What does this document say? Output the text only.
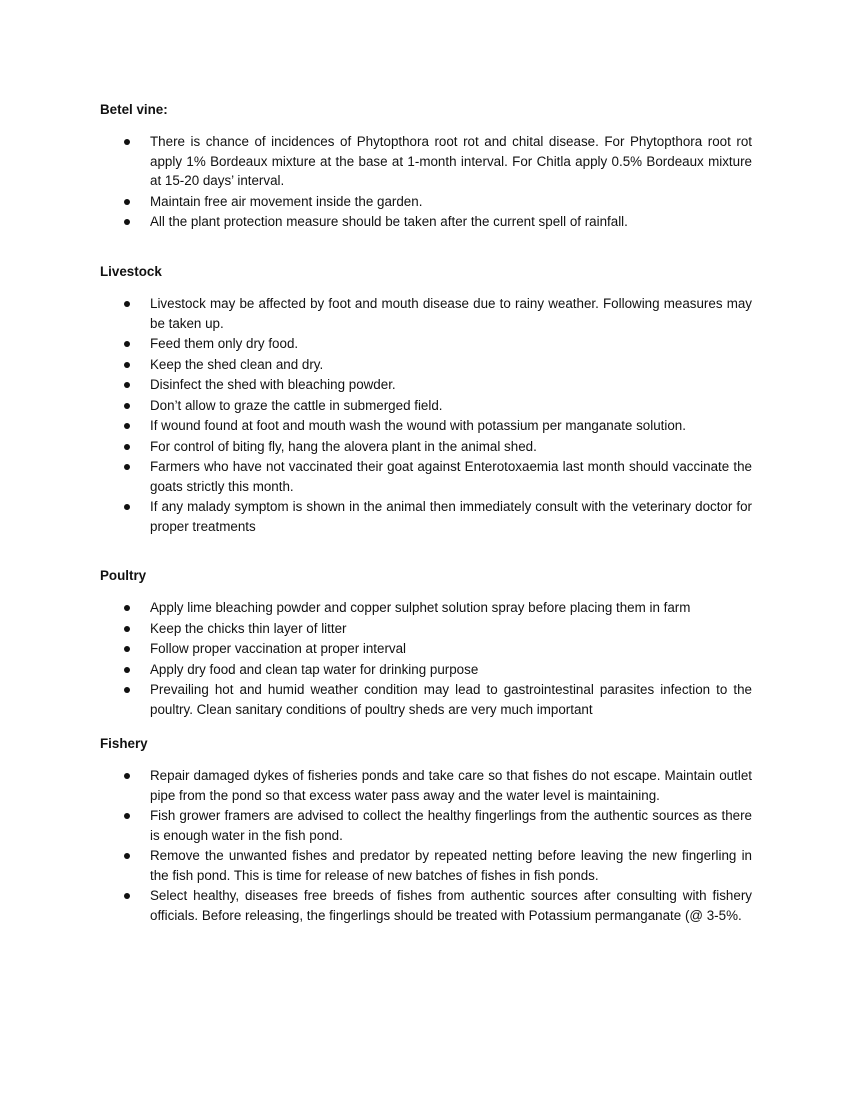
Betel vine:

There is chance of incidences of Phytopthora root rot and chital disease. For Phytopthora root rot apply 1% Bordeaux mixture at the base at 1-month interval. For Chitla apply 0.5% Bordeaux mixture at 15-20 days’ interval.
Maintain free air movement inside the garden.
All the plant protection measure should be taken after the current spell of rainfall.

Livestock

Livestock may be affected by foot and mouth disease due to rainy weather. Following measures may be taken up.
Feed them only dry food.
Keep the shed clean and dry.
Disinfect the shed with bleaching powder.
Don’t allow to graze the cattle in submerged field.
If wound found at foot and mouth wash the wound with potassium per manganate solution.
For control of biting fly, hang the alovera plant in the animal shed.
Farmers who have not vaccinated their goat against Enterotoxaemia last month should vaccinate the goats strictly this month.
If any malady symptom is shown in the animal then immediately consult with the veterinary doctor for proper treatments

Poultry

Apply lime bleaching powder and copper sulphet solution spray before placing them in farm
Keep the chicks thin layer of litter
Follow proper vaccination at proper interval
Apply dry food and clean tap water for drinking purpose
Prevailing hot and humid weather condition may lead to gastrointestinal parasites infection to the poultry. Clean sanitary conditions of poultry sheds are very much important

Fishery

Repair damaged dykes of fisheries ponds and take care so that fishes do not escape. Maintain outlet pipe from the pond so that excess water pass away and the water level is maintaining.
Fish grower framers are advised to collect the healthy fingerlings from the authentic sources as there is enough water in the fish pond.
Remove the unwanted fishes and predator by repeated netting before leaving the new fingerling in the fish pond. This is time for release of new batches of fishes in fish ponds.
Select healthy, diseases free breeds of fishes from authentic sources after consulting with fishery officials. Before releasing, the fingerlings should be treated with Potassium permanganate (@ 3-5%.
